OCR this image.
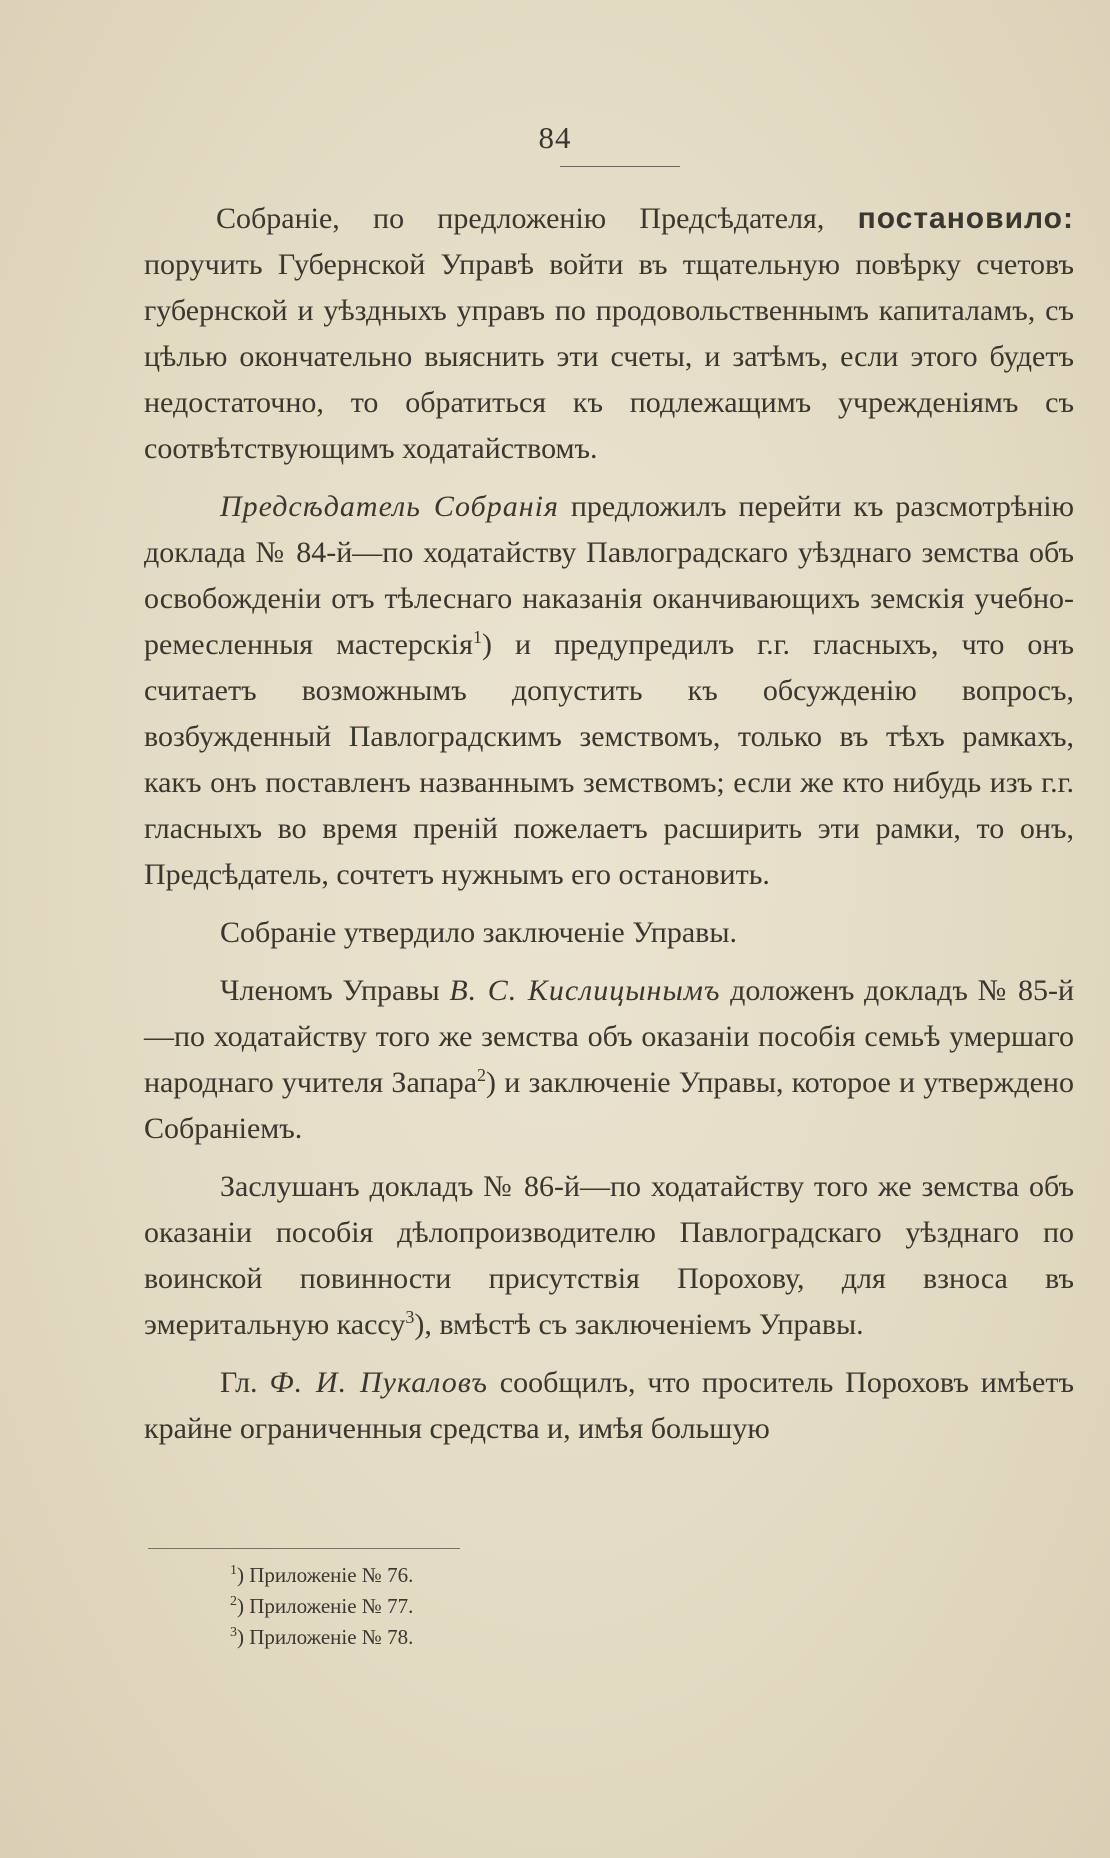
84

Собраніе, по предложенію Предсѣдателя, постановило: поручить Губернской Управѣ войти въ тщательную повѣрку счетовъ губернской и уѣздныхъ управъ по продовольственнымъ капиталамъ, съ цѣлью окончательно выяснить эти счеты, и затѣмъ, если этого будетъ недостаточно, то обратиться къ подлежащимъ учрежденіямъ съ соотвѣтствующимъ ходатайствомъ.

Предсѣдатель Собранія предложилъ перейти къ разсмотрѣнію доклада № 84-й—по ходатайству Павлоградскаго уѣзднаго земства объ освобожденіи отъ тѣлеснаго наказанія оканчивающихъ земскія учебно-ремесленныя мастерскія$^1$) и предупредилъ г.г. гласныхъ, что онъ считаетъ возможнымъ допустить къ обсужденію вопросъ, возбужденный Павлоградскимъ земствомъ, только въ тѣхъ рамкахъ, какъ онъ поставленъ названнымъ земствомъ; если же кто нибудь изъ г.г. гласныхъ во время преній пожелаетъ расширить эти рамки, то онъ, Предсѣдатель, сочтетъ нужнымъ его остановить.

Собраніе утвердило заключеніе Управы.

Членомъ Управы В. С. Кислицынымъ доложенъ докладъ № 85-й—по ходатайству того же земства объ оказаніи пособія семьѣ умершаго народнаго учителя Запара$^2$) и заключеніе Управы, которое и утверждено Собраніемъ.

Заслушанъ докладъ № 86-й—по ходатайству того же земства объ оказаніи пособія дѣлопроизводителю Павлоградскаго уѣзднаго по воинской повинности присутствія Порохову, для взноса въ эмеритальную кассу$^3$), вмѣстѣ съ заключеніемъ Управы.

Гл. Ф. И. Пукаловъ сообщилъ, что проситель Пороховъ имѣетъ крайне ограниченныя средства и, имѣя большую

$^1$) Приложеніе № 76.
$^2$) Приложеніе № 77.
$^3$) Приложеніе № 78.
